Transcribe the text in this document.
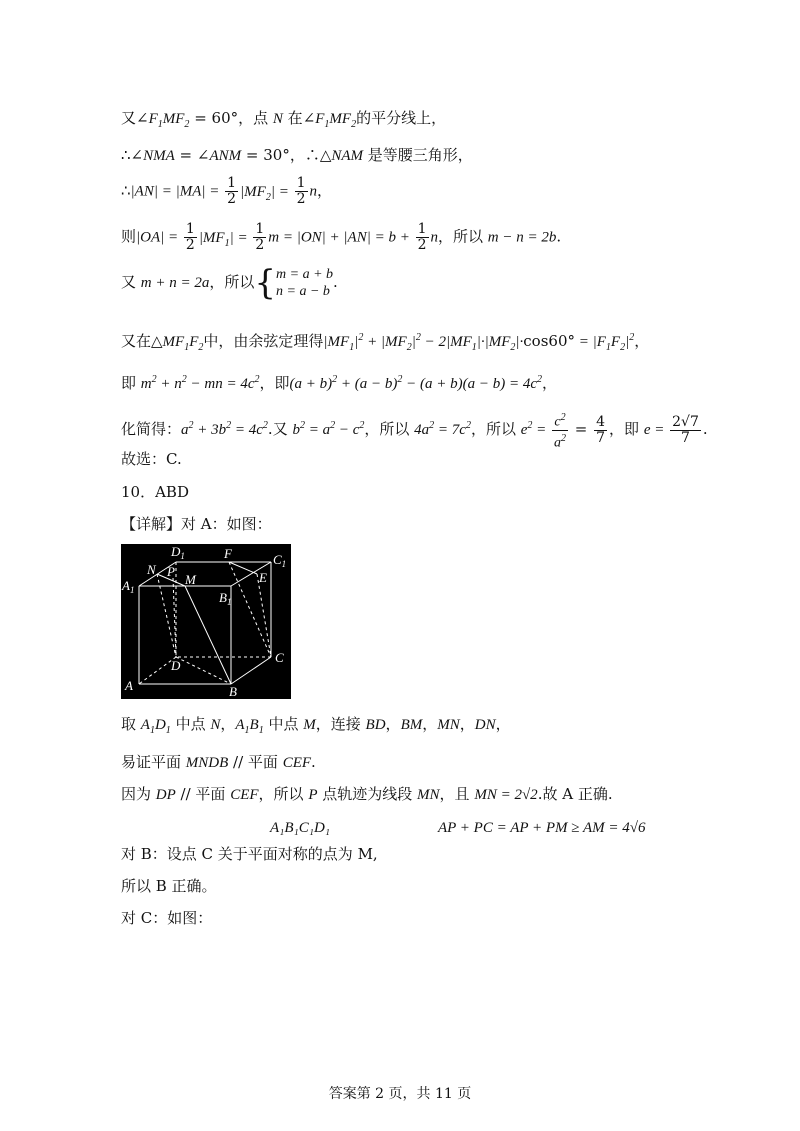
又$\angle F_1MF_2 = 60^\circ$，点 N 在$\angle F_1MF_2$的平分线上，
∴∠NMA = ∠ANM = 30°，∴△NAM 是等腰三角形，
∴|AN| = $|MA| = \frac{1}{2} |MF_2| = \frac{1}{2}$ n，
则$|OA| = \frac{1}{2} |MF_1| = \frac{1}{2}$ $m = |ON| + |AN| = b + \frac{1}{2}$ n，所以 m − n = 2b.
又 m + n = 2a，所以{ m = a + b
n = a − b
.
又在$\triangle MF_1F_2$中，由余弦定理得$|MF_1|^2 + |MF_2|^2 - 2|MF_1|\cdot|MF_2|\cdot\cos 60^\circ = |F_1F_2|^2$，
即 $m^2 + n^2$ − mn = $4c^2$，即$(a + b)^2 + (a - b)^2 - (a + b)(a - b) = 4c^2$，
化简得：$a^2 + 3b^2 = 4c^2$.又 $b^2 = a^2 - c^2$，所以 $4a^2 = 7c^2$，所以 $e^2 = \frac{c^2}{a^2} = \frac{4}{7}$ ，即 $e = \frac{2√7}{7}$ .
故选：C.
10．ABD
【详解】对 A：如图：
$D_1$	F	$C_1$
N P
M	E
$A_1$	$B_1$
D
C
A	B
取 $A_1D_1$ 中点 N，$A_1B_1$ 中点 M，连接 BD，BM，MN，DN，
易证平面 MNDB // 平面 CEF.
因为 DP // 平面 CEF，所以 P 点轨迹为线段 MN，且 MN = 2√2.故 A 正确.
A₁B₁C₁D₁	AP + PC = AP + PM ≥ AM = 4√6
对 B：设点 C 关于平面对称的点为 M,
所以 B 正确。
对 C：如图：
答案第 2 页，共 11 页
